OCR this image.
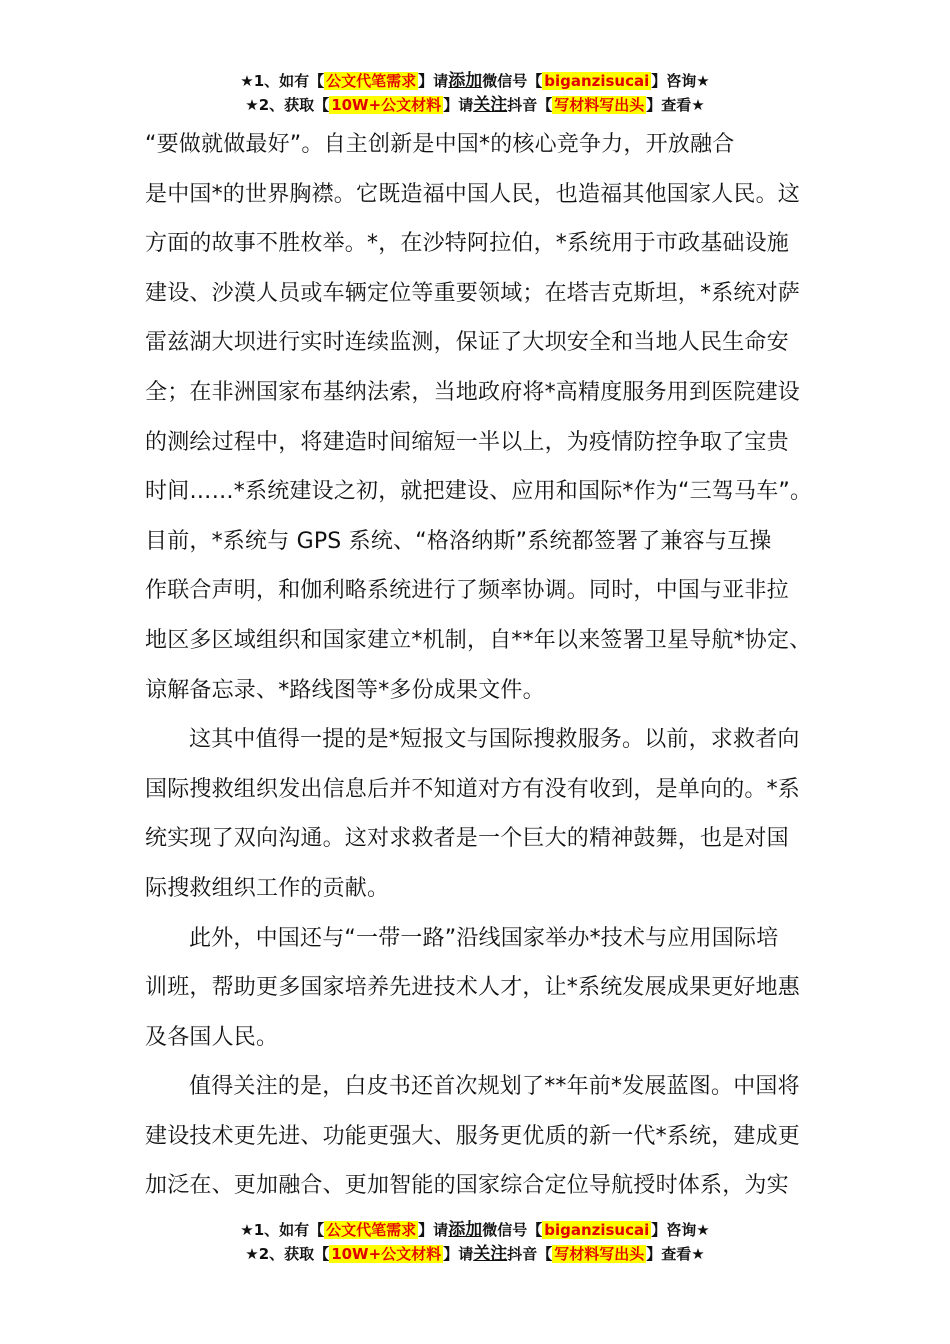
★1、如有【 公文代笔需求 】请添加微信号【 biganzisucai 】咨询★
★2、获取【 10W+公文材料 】请关注抖音【 写材料写出头 】查看★

“要做就做最好”。自主创新是中国*的核心竞争力，开放融合
是中国*的世界胸襟。它既造福中国人民，也造福其他国家人民。这
方面的故事不胜枚举。*，在沙特阿拉伯，*系统用于市政基础设施
建设、沙漠人员或车辆定位等重要领域；在塔吉克斯坦，*系统对萨
雷兹湖大坝进行实时连续监测，保证了大坝安全和当地人民生命安
全；在非洲国家布基纳法索，当地政府将*高精度服务用到医院建设
的测绘过程中，将建造时间缩短一半以上，为疫情防控争取了宝贵
时间……*系统建设之初，就把建设、应用和国际*作为“三驾马车”。
目前，*系统与 GPS 系统、“格洛纳斯”系统都签署了兼容与互操
作联合声明，和伽利略系统进行了频率协调。同时，中国与亚非拉
地区多区域组织和国家建立*机制，自**年以来签署卫星导航*协定、
谅解备忘录、*路线图等*多份成果文件。

这其中值得一提的是*短报文与国际搜救服务。以前，求救者向
国际搜救组织发出信息后并不知道对方有没有收到，是单向的。*系
统实现了双向沟通。这对求救者是一个巨大的精神鼓舞，也是对国
际搜救组织工作的贡献。

此外，中国还与“一带一路”沿线国家举办*技术与应用国际培
训班，帮助更多国家培养先进技术人才，让*系统发展成果更好地惠
及各国人民。

值得关注的是，白皮书还首次规划了**年前*发展蓝图。中国将
建设技术更先进、功能更强大、服务更优质的新一代*系统，建成更
加泛在、更加融合、更加智能的国家综合定位导航授时体系，为实

★1、如有【 公文代笔需求 】请添加微信号【 biganzisucai 】咨询★
★2、获取【 10W+公文材料 】请关注抖音【 写材料写出头 】查看★
